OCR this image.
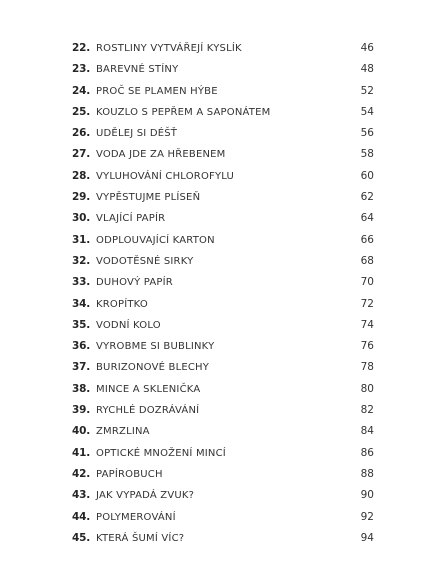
22. ROSTLINY VYTVÁŘEJÍ KYSLÍK	46
23. BAREVNÉ STÍNY	48
24. PROČ SE PLAMEN HÝBE	52
25. KOUZLO S PEPŘEM A SAPONÁTEM	54
26. UDĚLEJ SI DÉŠŤ	56
27. VODA JDE ZA HŘEBENEM	58
28. VYLUHOVÁNÍ CHLOROFYLU	60
29. VYPĚSTUJME PLÍSEŇ	62
30. VLAJÍCÍ PAPÍR	64
31. ODPLOUVAJÍCÍ KARTON	66
32. VODOTĚSNÉ SIRKY	68
33. DUHOVÝ PAPÍR	70
34. KROPÍTKO	72
35. VODNÍ KOLO	74
36. VYROBME SI BUBLINKY	76
37. BURIZONOVÉ BLECHY	78
38. MINCE A SKLENIČKA	80
39. RYCHLÉ DOZRÁVÁNÍ	82
40. ZMRZLINA	84
41. OPTICKÉ MNOŽENÍ MINCÍ	86
42. PAPÍROBUCH	88
43. JAK VYPADÁ ZVUK?	90
44. POLYMEROVÁNÍ	92
45. KTERÁ ŠUMÍ VÍC?	94
